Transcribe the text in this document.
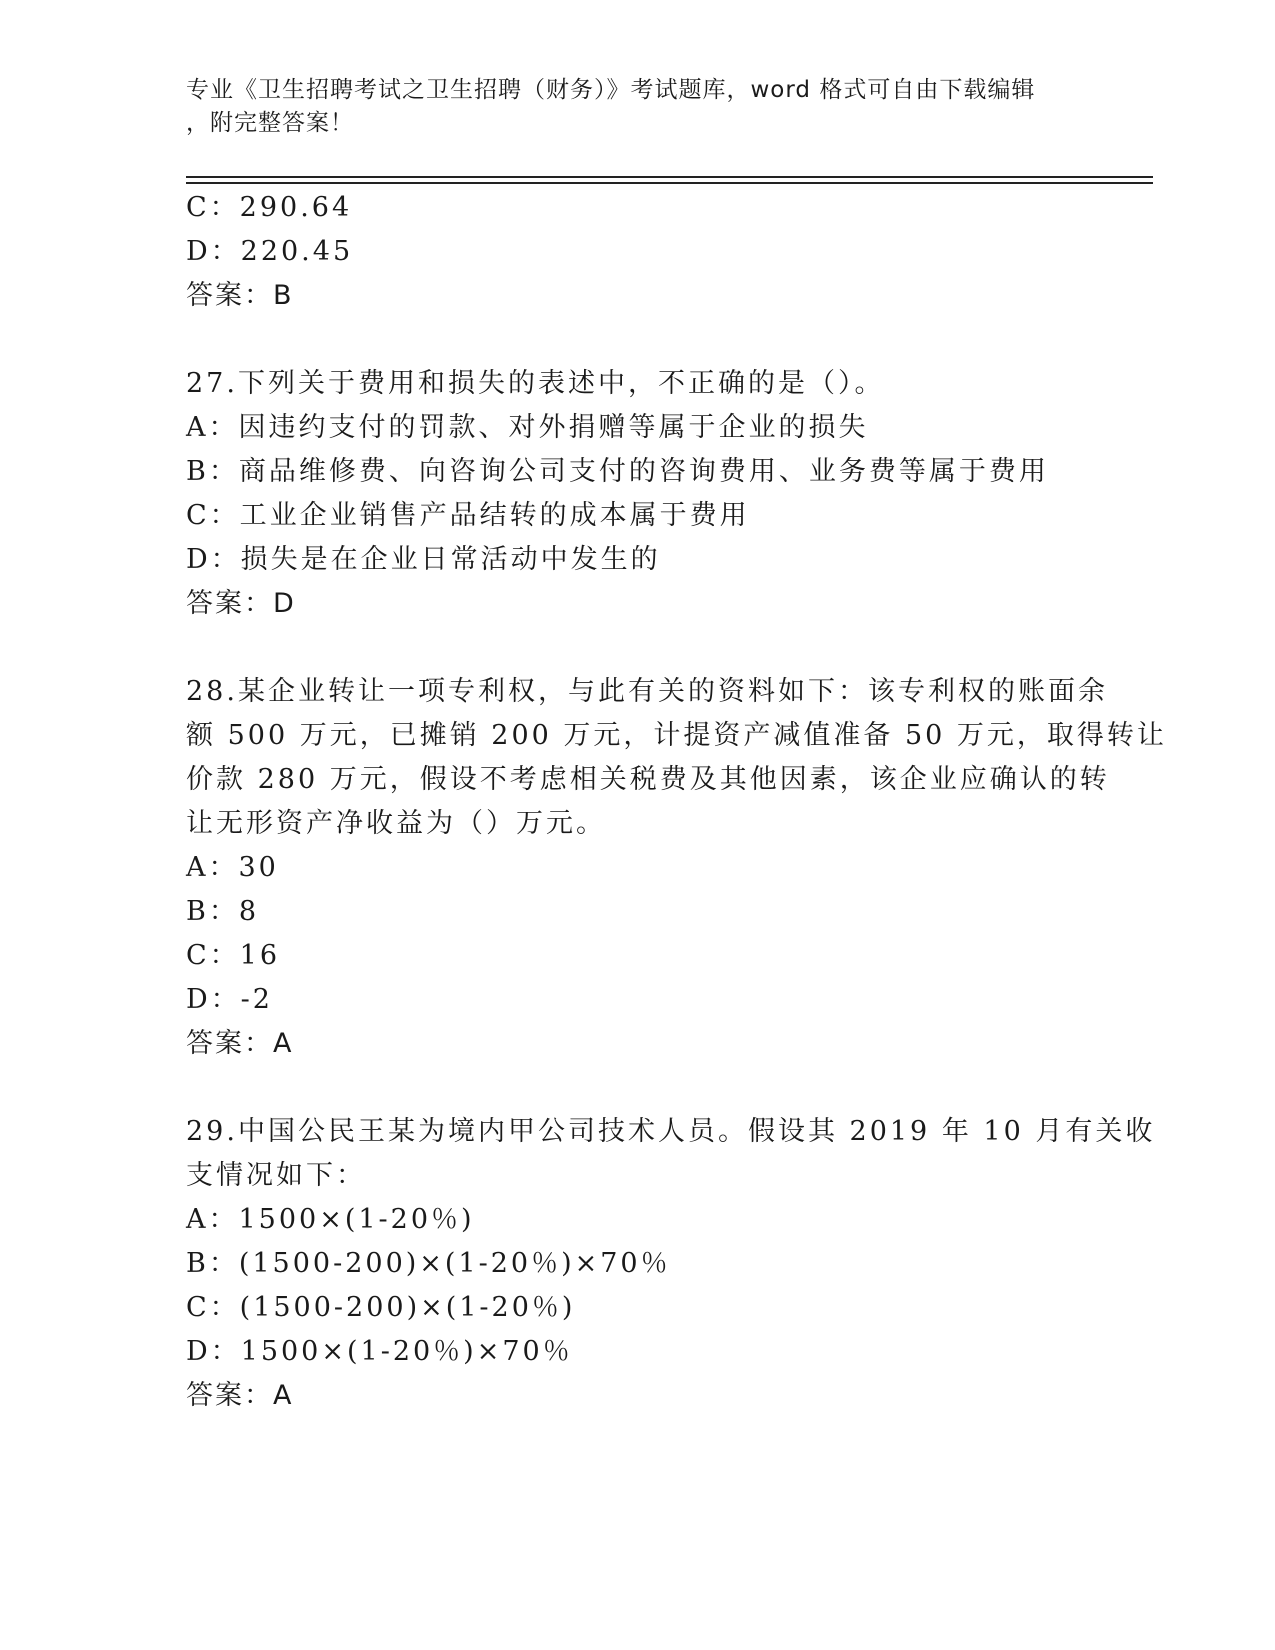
专业《卫生招聘考试之卫生招聘（财务）》考试题库，word 格式可自由下载编辑
，附完整答案！
C：290.64
D：220.45
答案：B
27.下列关于费用和损失的表述中，不正确的是（）。
A：因违约支付的罚款、对外捐赠等属于企业的损失
B：商品维修费、向咨询公司支付的咨询费用、业务费等属于费用
C：工业企业销售产品结转的成本属于费用
D：损失是在企业日常活动中发生的
答案：D
28.某企业转让一项专利权，与此有关的资料如下：该专利权的账面余
额 500 万元，已摊销 200 万元，计提资产减值准备 50 万元，取得转让
价款 280 万元，假设不考虑相关税费及其他因素，该企业应确认的转
让无形资产净收益为（）万元。
A：30
B：8
C：16
D：-2
答案：A
29.中国公民王某为境内甲公司技术人员。假设其 2019 年 10 月有关收
支情况如下：
A：1500×(1-20％)
B：(1500-200)×(1-20％)×70％
C：(1500-200)×(1-20％)
D：1500×(1-20％)×70％
答案：A
